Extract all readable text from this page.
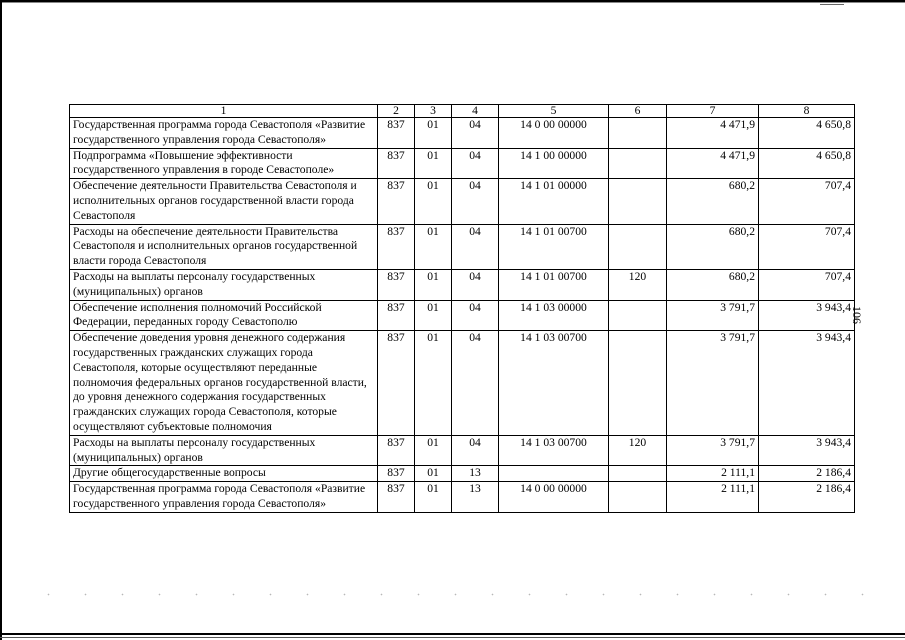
1	2	3	4	5	6	7	8
Государственная программа города Севастополя «Развитие государственного управления города Севастополя»	837	01	04	14 0 00 00000		4 471,9	4 650,8
Подпрограмма «Повышение эффективности государственного управления в городе Севастополе»	837	01	04	14 1 00 00000		4 471,9	4 650,8
Обеспечение деятельности Правительства Севастополя и исполнительных органов государственной власти города Севастополя	837	01	04	14 1 01 00000		680,2	707,4
Расходы на обеспечение деятельности Правительства Севастополя и исполнительных органов государственной власти города Севастополя	837	01	04	14 1 01 00700		680,2	707,4
Расходы на выплаты персоналу государственных (муниципальных) органов	837	01	04	14 1 01 00700	120	680,2	707,4
Обеспечение исполнения полномочий Российской Федерации, переданных городу Севастополю	837	01	04	14 1 03 00000		3 791,7	3 943,4
Обеспечение доведения уровня денежного содержания государственных гражданских служащих города Севастополя, которые осуществляют переданные полномочия федеральных органов государственной власти, до уровня денежного содержания государственных гражданских служащих города Севастополя, которые осуществляют субъектовые полномочия	837	01	04	14 1 03 00700		3 791,7	3 943,4
Расходы на выплаты персоналу государственных (муниципальных) органов	837	01	04	14 1 03 00700	120	3 791,7	3 943,4
Другие общегосударственные вопросы	837	01	13			2 111,1	2 186,4
Государственная программа города Севастополя «Развитие государственного управления города Севастополя»	837	01	13	14 0 00 00000		2 111,1	2 186,4
106
